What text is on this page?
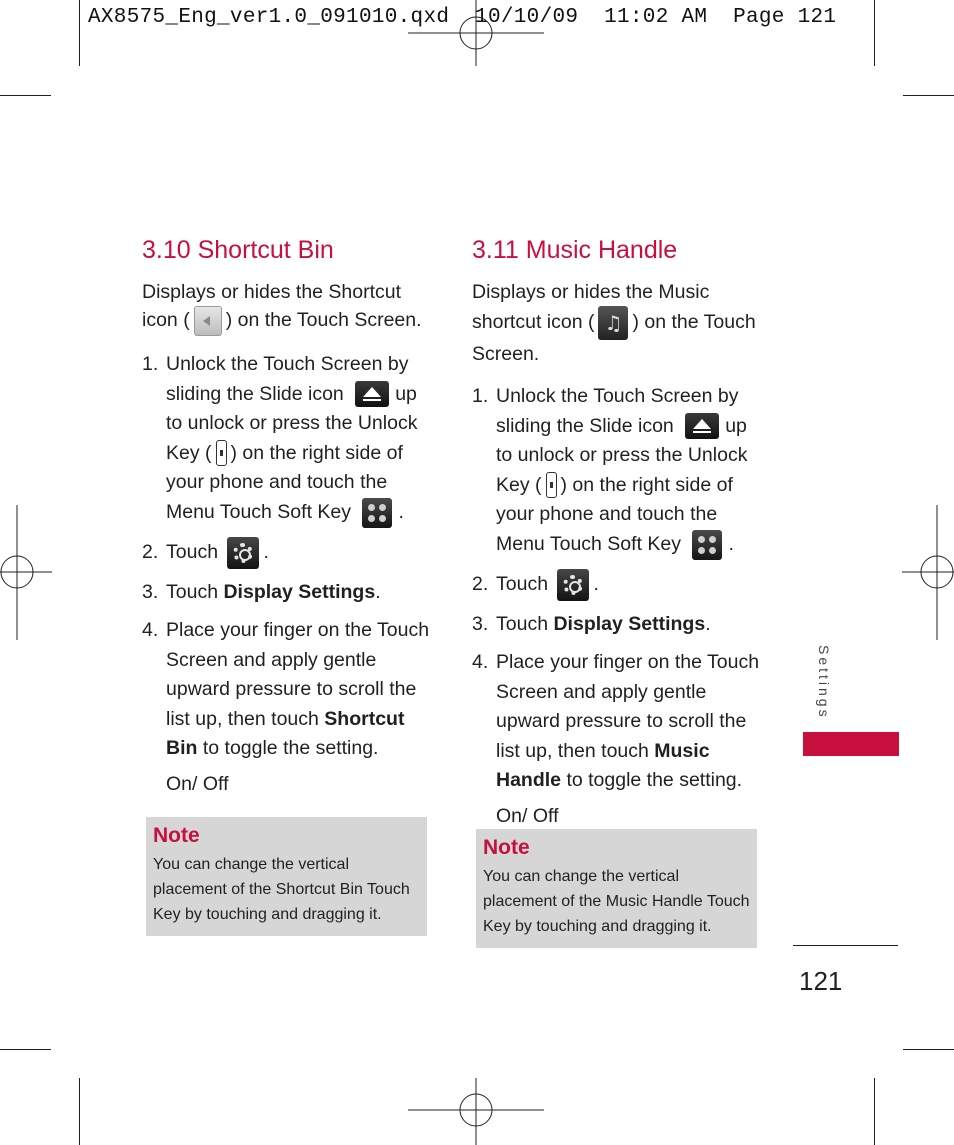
AX8575_Eng_ver1.0_091010.qxd  10/10/09  11:02 AM  Page 121
3.10 Shortcut Bin

Displays or hides the Shortcut icon ( ) on the Touch Screen.

1. Unlock the Touch Screen by sliding the Slide icon	up to unlock or press the Unlock Key ( ) on the right side of your phone and touch the Menu Touch Soft Key .
2. Touch .
3. Touch Display Settings.
4. Place your finger on the Touch Screen and apply gentle upward pressure to scroll the list up, then touch Shortcut Bin to toggle the setting.
On/ Off
Note
You can change the vertical placement of the Shortcut Bin Touch Key by touching and dragging it.
3.11 Music Handle

Displays or hides the Music shortcut icon ( ♫ ) on the Touch Screen.

1. Unlock the Touch Screen by sliding the Slide icon	up to unlock or press the Unlock Key ( ) on the right side of your phone and touch the Menu Touch Soft Key .
2. Touch .
3. Touch Display Settings.
4. Place your finger on the Touch Screen and apply gentle upward pressure to scroll the list up, then touch Music Handle to toggle the setting.
On/ Off
Note
You can change the vertical placement of the Music Handle Touch Key by touching and dragging it.
Settings
121
